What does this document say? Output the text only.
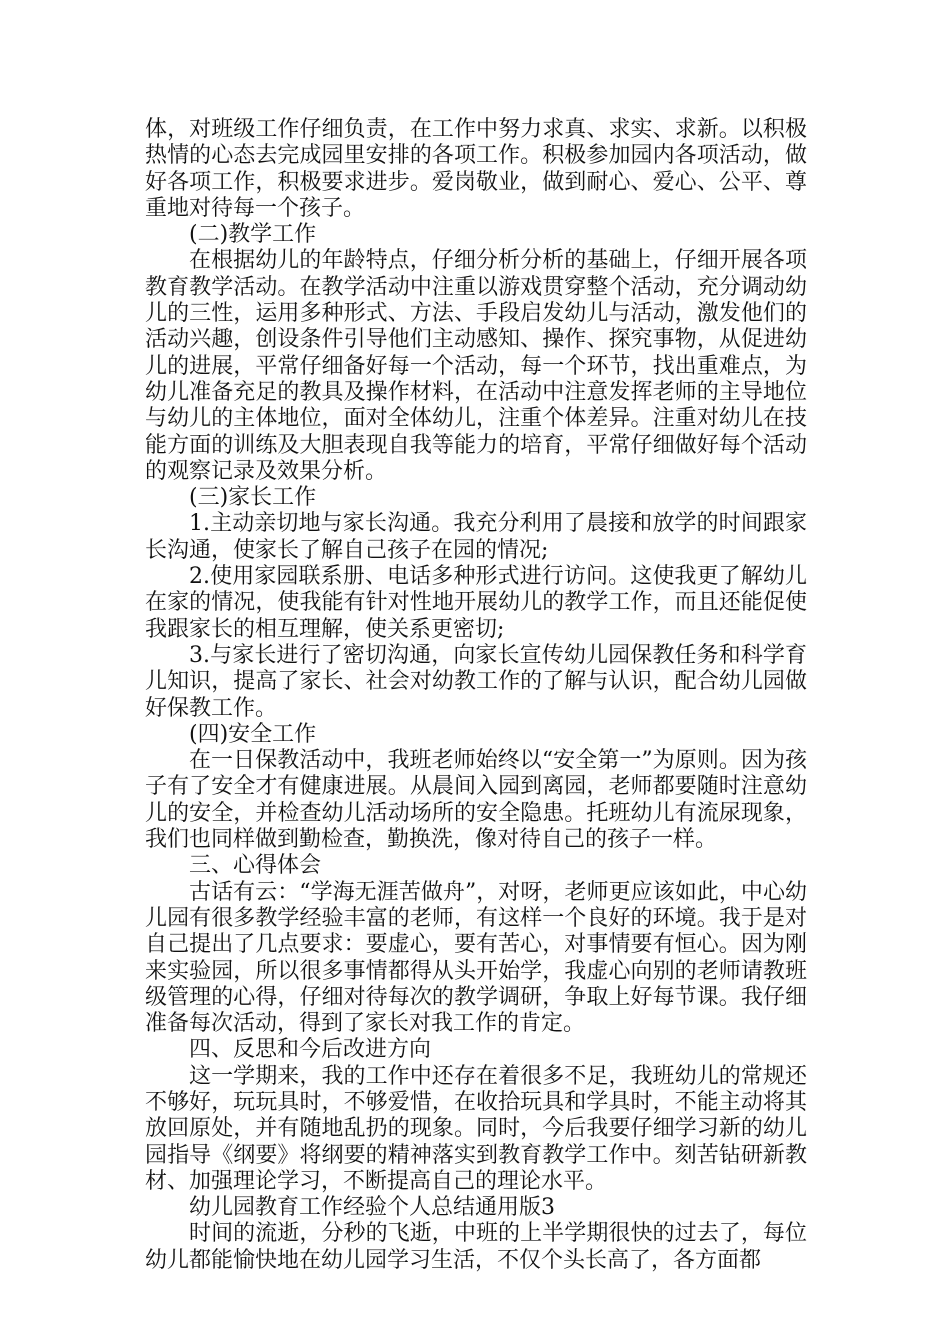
体，对班级工作仔细负责，在工作中努力求真、求实、求新。以积极热情的心态去完成园里安排的各项工作。积极参加园内各项活动，做好各项工作，积极要求进步。爱岗敬业，做到耐心、爱心、公平、尊重地对待每一个孩子。

(二)教学工作

在根据幼儿的年龄特点，仔细分析分析的基础上，仔细开展各项教育教学活动。在教学活动中注重以游戏贯穿整个活动，充分调动幼儿的三性，运用多种形式、方法、手段启发幼儿与活动，激发他们的活动兴趣，创设条件引导他们主动感知、操作、探究事物，从促进幼儿的进展，平常仔细备好每一个活动，每一个环节，找出重难点，为幼儿准备充足的教具及操作材料，在活动中注意发挥老师的主导地位与幼儿的主体地位，面对全体幼儿，注重个体差异。注重对幼儿在技能方面的训练及大胆表现自我等能力的培育，平常仔细做好每个活动的观察记录及效果分析。

(三)家长工作

1.主动亲切地与家长沟通。我充分利用了晨接和放学的时间跟家长沟通，使家长了解自己孩子在园的情况;

2.使用家园联系册、电话多种形式进行访问。这使我更了解幼儿在家的情况，使我能有针对性地开展幼儿的教学工作，而且还能促使我跟家长的相互理解，使关系更密切;

3.与家长进行了密切沟通，向家长宣传幼儿园保教任务和科学育儿知识，提高了家长、社会对幼教工作的了解与认识，配合幼儿园做好保教工作。

(四)安全工作

在一日保教活动中，我班老师始终以“安全第一”为原则。因为孩子有了安全才有健康进展。从晨间入园到离园，老师都要随时注意幼儿的安全，并检查幼儿活动场所的安全隐患。托班幼儿有流尿现象，我们也同样做到勤检查，勤换洗，像对待自己的孩子一样。

三、心得体会

古话有云：“学海无涯苦做舟”，对呀，老师更应该如此，中心幼儿园有很多教学经验丰富的老师，有这样一个良好的环境。我于是对自己提出了几点要求：要虚心，要有苦心，对事情要有恒心。因为刚来实验园，所以很多事情都得从头开始学，我虚心向别的老师请教班级管理的心得，仔细对待每次的教学调研，争取上好每节课。我仔细准备每次活动，得到了家长对我工作的肯定。

四、反思和今后改进方向

这一学期来，我的工作中还存在着很多不足，我班幼儿的常规还不够好，玩玩具时，不够爱惜，在收拾玩具和学具时，不能主动将其放回原处，并有随地乱扔的现象。同时，今后我要仔细学习新的幼儿园指导《纲要》将纲要的精神落实到教育教学工作中。刻苦钻研新教材、加强理论学习，不断提高自己的理论水平。

幼儿园教育工作经验个人总结通用版3

时间的流逝，分秒的飞逝，中班的上半学期很快的过去了，每位幼儿都能愉快地在幼儿园学习生活，不仅个头长高了，各方面都
